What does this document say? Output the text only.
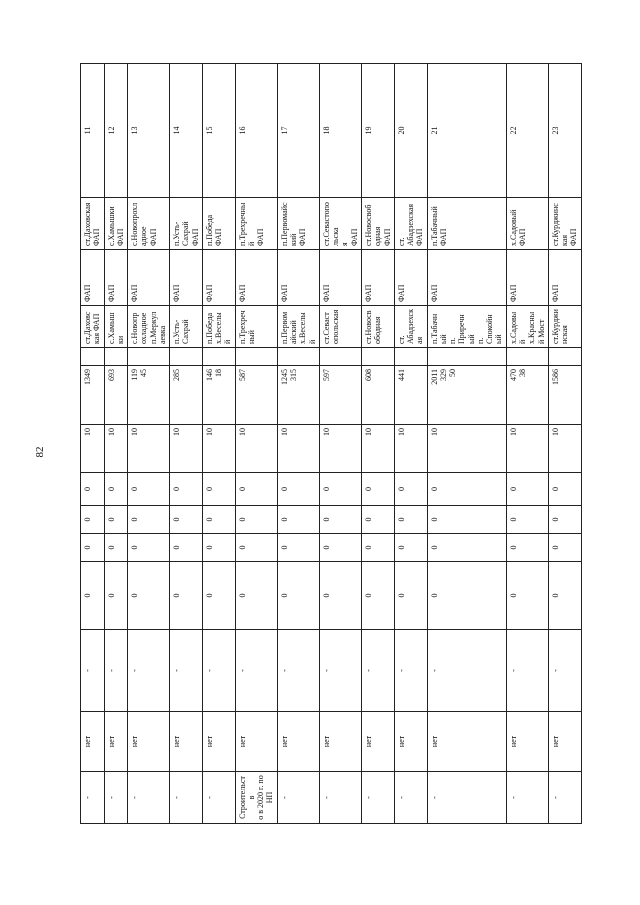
82
-	нет	-	0	0	0	0	10	1349		ст.Даховская ФАП	ФАП	ст.Даховская ФАП	11

-	нет	-	0	0	0	0	10	693		с.Хамышки	ФАП	с.Хамышки ФАП	12

-	нет	-	0	0	0	0	10	119 45		с.Новопрохладное п.Меркулаевка	ФАП	с.Новопрохладное ФАП	13

-	нет	-	0	0	0	0	10	285		п.Усть-Сахрай	ФАП	п.Усть-Сахрай ФАП	14

-	нет	-	0	0	0	0	10	146 18		п.Победа х.Веселый	ФАП	п.Победа ФАП	15

Строительств о в 2020 г. по НП	нет	-	0	0	0	0	10	587		п.Трехречный	ФАП	п.Трехречный ФАП	16

-	нет	-	0	0	0	0	10	1245 315		п.Первомайский х.Веселый	ФАП	п.Первомайский ФАП	17

-	нет	-	0	0	0	0	10	597		ст.Севастопольская	ФАП	ст.Севастопольска я ФАП	18

-	нет	-	0	0	0	0	10	608		ст.Новосвободная	ФАП	ст.Новосвободная ФАП	19

-	нет	-	0	0	0	0	10	441		ст. Абадзехская	ФАП	ст. АбадзехскаяФАП	20

-	нет	-	0	0	0	0	10	2011 329 50		п.Табачный п. Приречный п. Спокойный	ФАП	п.Табачный ФАП	21

-	нет	-	0	0	0	0	10	470 38		х.Садовый х.Красный Мост	ФАП	х.Садовый ФАП	22

-	нет	-	0	0	0	0	10	1586		ст.Курджинская	ФАП	ст.Курджинская ФАП	23
